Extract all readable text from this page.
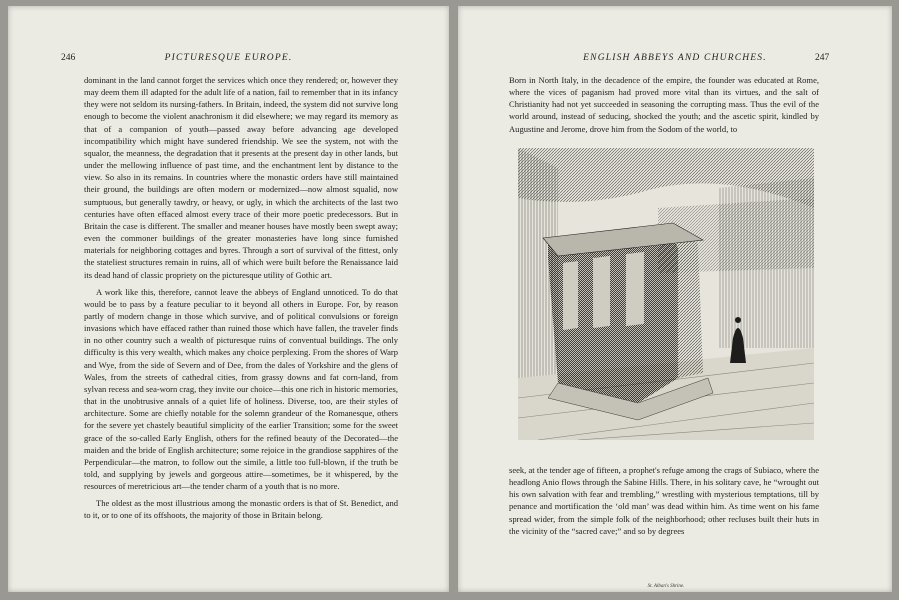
246	PICTURESQUE EUROPE.

dominant in the land cannot forget the services which once they rendered; or, however they may deem them ill adapted for the adult life of a nation, fail to remember that in its infancy they were not seldom its nursing-fathers. In Britain, indeed, the system did not survive long enough to become the violent anachronism it did elsewhere; we may regard its memory as that of a companion of youth—passed away before advancing age developed incompatibility which might have sundered friendship. We see the system, not with the squalor, the meanness, the degradation that it presents at the present day in other lands, but under the mellowing influence of past time, and the enchantment lent by distance to the view. So also in its remains. In countries where the monastic orders have still maintained their ground, the buildings are often modern or modernized—now almost squalid, now sumptuous, but generally tawdry, or heavy, or ugly, in which the architects of the last two centuries have often effaced almost every trace of their more poetic predecessors. But in Britain the case is different. The smaller and meaner houses have mostly been swept away; even the commoner buildings of the greater monasteries have long since furnished materials for neighboring cottages and byres. Through a sort of survival of the fittest, only the stateliest structures remain in ruins, all of which were built before the Renaissance laid its dead hand of classic propriety on the picturesque utility of Gothic art.

A work like this, therefore, cannot leave the abbeys of England unnoticed. To do that would be to pass by a feature peculiar to it beyond all others in Europe. For, by reason partly of modern change in those which survive, and of political convulsions or foreign invasions which have effaced rather than ruined those which have fallen, the traveler finds in no other country such a wealth of picturesque ruins of conventual buildings. The only difficulty is this very wealth, which makes any choice perplexing. From the shores of Warp and Wye, from the side of Severn and of Dee, from the dales of Yorkshire and the glens of Wales, from the streets of cathedral cities, from grassy downs and fat corn-land, from sylvan recess and sea-worn crag, they invite our choice—this one rich in historic memories, that in the unobtrusive annals of a quiet life of holiness. Diverse, too, are their styles of architecture. Some are chiefly notable for the solemn grandeur of the Romanesque, others for the severe yet chastely beautiful simplicity of the earlier Transition; some for the sweet grace of the so-called Early English, others for the refined beauty of the Decorated—the maiden and the bride of English architecture; some rejoice in the grandiose sapphires of the Perpendicular—the matron, to follow out the simile, a little too full-blown, if the truth be told, and supplying by jewels and gorgeous attire—sometimes, be it whispered, by the resources of meretricious art—the tender charm of a youth that is no more.

The oldest as the most illustrious among the monastic orders is that of St. Benedict, and to it, or to one of its offshoots, the majority of those in Britain belong.

ENGLISH ABBEYS AND CHURCHES.	247

Born in North Italy, in the decadence of the empire, the founder was educated at Rome, where the vices of paganism had proved more vital than its virtues, and the salt of Christianity had not yet succeeded in seasoning the corrupting mass. Thus the evil of the world around, instead of seducing, shocked the youth; and the ascetic spirit, kindled by Augustine and Jerome, drove him from the Sodom of the world, to

St. Alban's Shrine.

seek, at the tender age of fifteen, a prophet's refuge among the crags of Subiaco, where the headlong Anio flows through the Sabine Hills. There, in his solitary cave, he “wrought out his own salvation with fear and trembling,” wrestling with mysterious temptations, till by penance and mortification the ‘old man’ was dead within him. As time went on his fame spread wider, from the simple folk of the neighborhood; other recluses built their huts in the vicinity of the “sacred cave;” and so by degrees
